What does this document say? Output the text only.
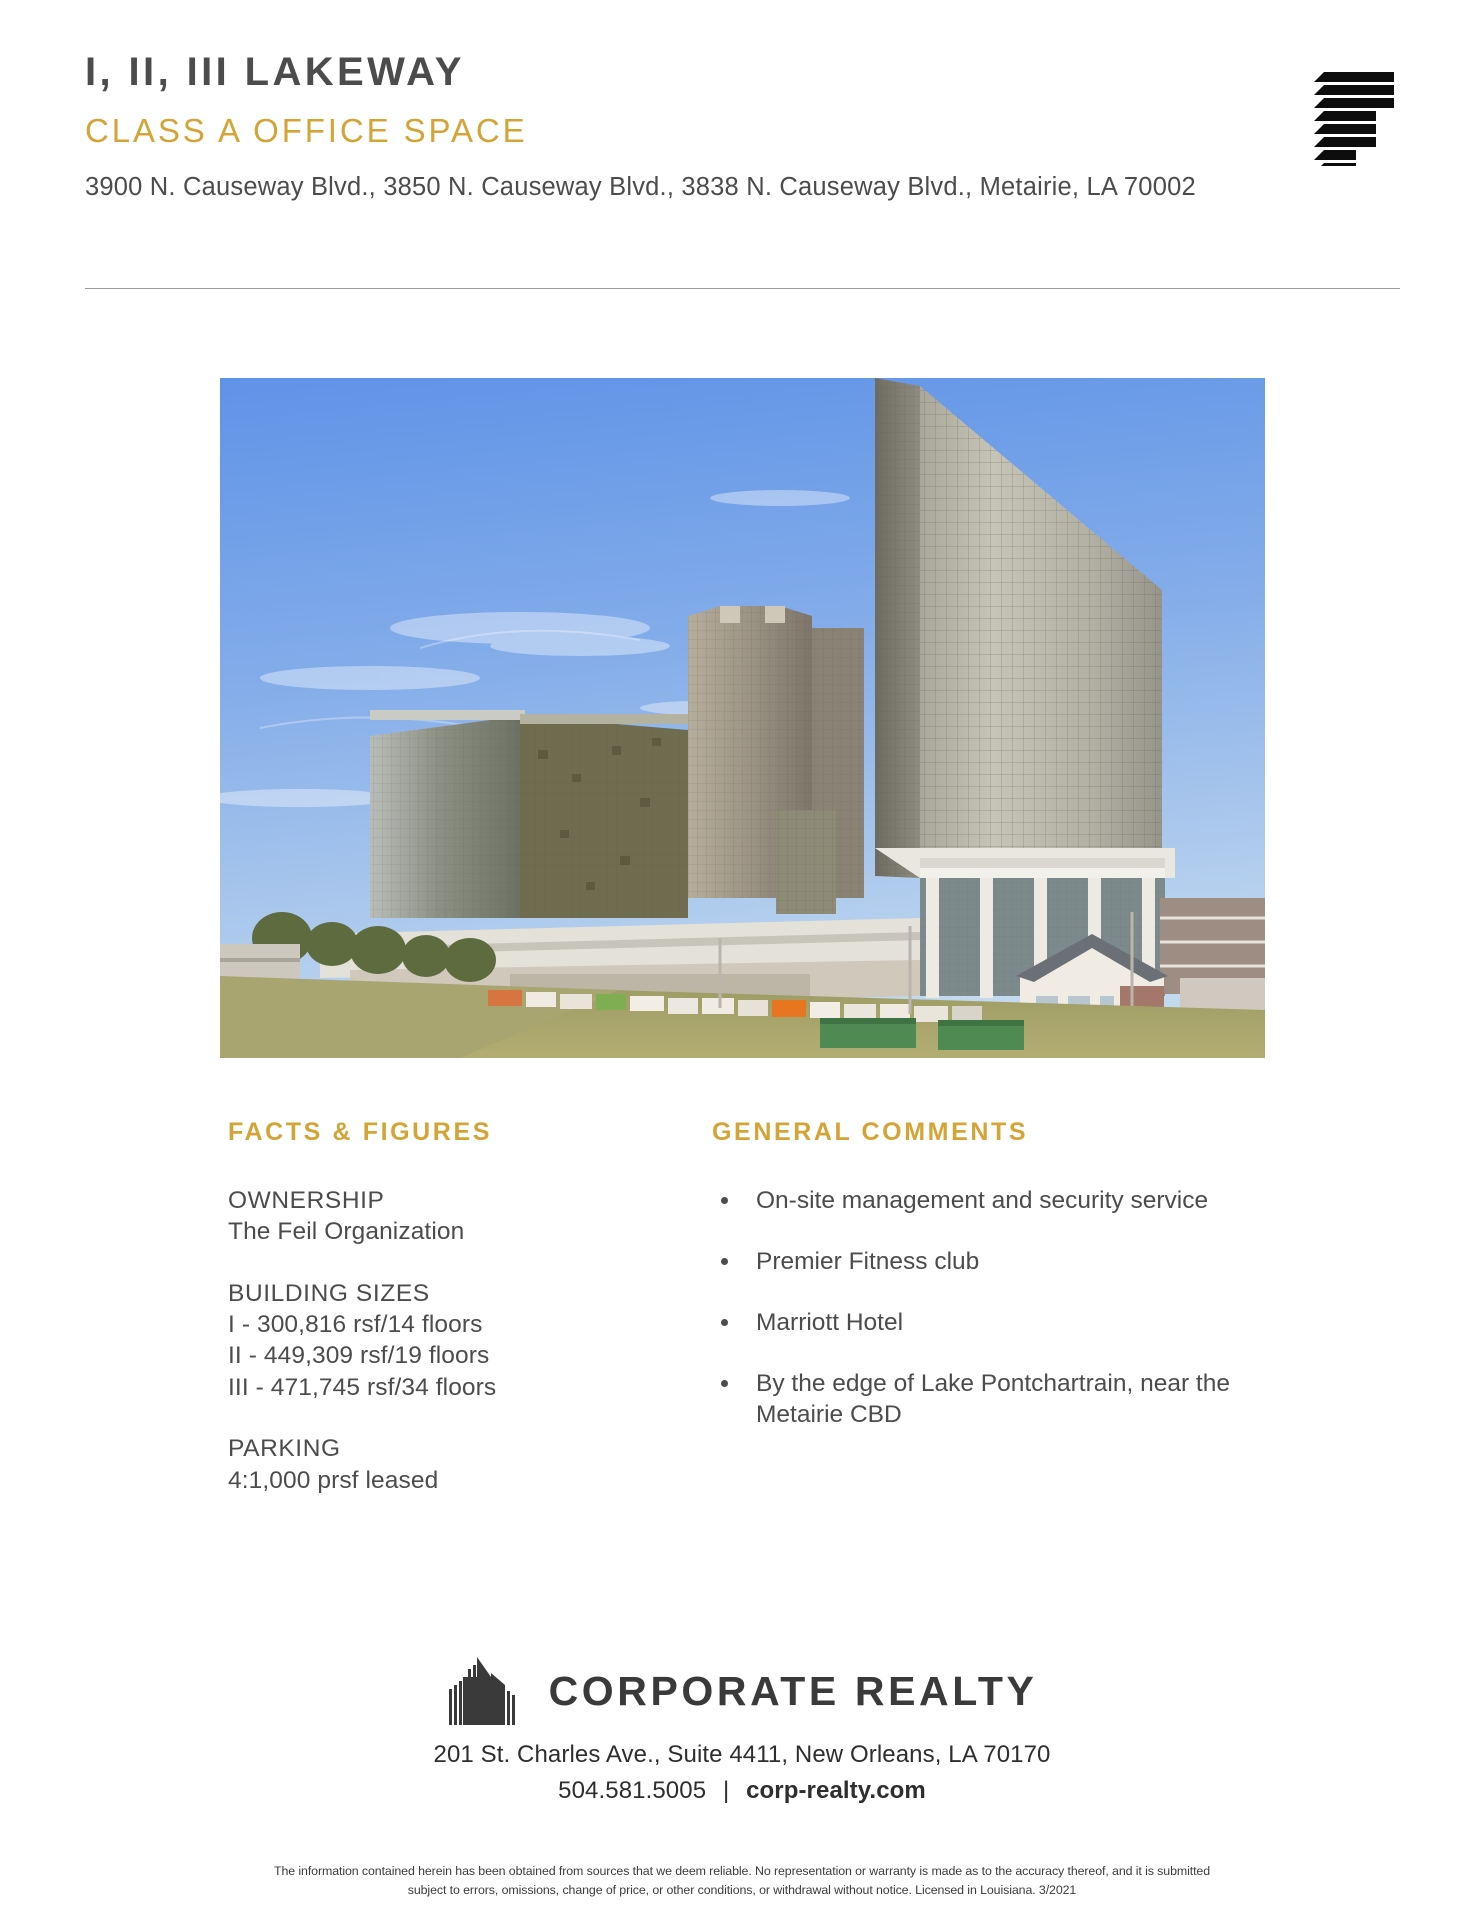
I, II, III LAKEWAY
CLASS A OFFICE SPACE

3900 N. Causeway Blvd., 3850 N. Causeway Blvd., 3838 N. Causeway Blvd., Metairie, LA 70002

FACTS & FIGURES

OWNERSHIP

The Feil Organization

BUILDING SIZES

I - 300,816 rsf/14 floors

II - 449,309 rsf/19 floors

III - 471,745 rsf/34 floors

PARKING

4:1,000 prsf leased

GENERAL COMMENTS
On-site management and security service
Premier Fitness club
Marriott Hotel
By the edge of Lake Pontchartrain, near the Metairie CBD
CORPORATE REALTY

201 St. Charles Ave., Suite 4411, New Orleans, LA 70170

504.581.5005 | corp-realty.com

The information contained herein has been obtained from sources that we deem reliable. No representation or warranty is made as to the accuracy thereof, and it is submitted

subject to errors, omissions, change of price, or other conditions, or withdrawal without notice. Licensed in Louisiana. 3/2021
